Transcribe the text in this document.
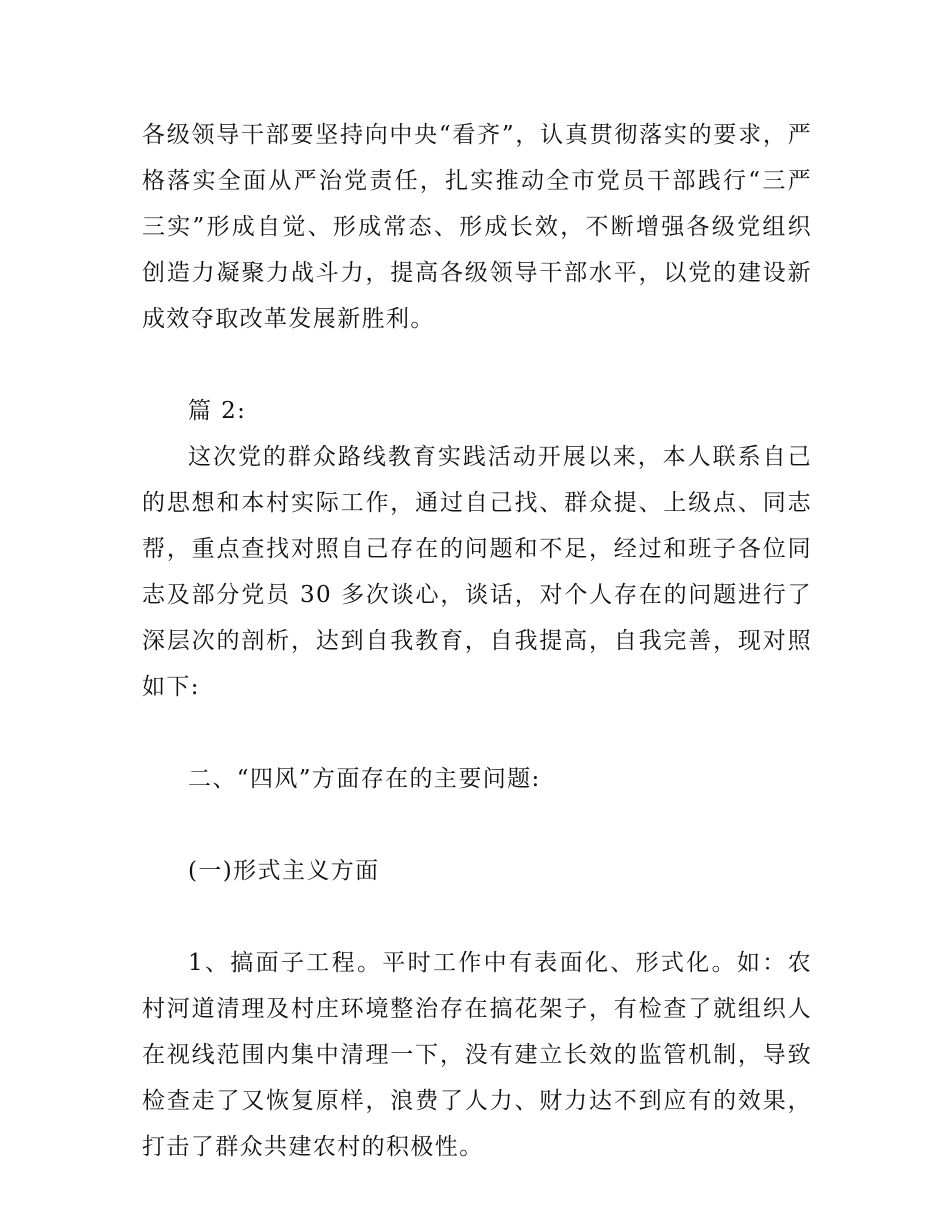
各级领导干部要坚持向中央“看齐”，认真贯彻落实的要求，严格落实全面从严治党责任，扎实推动全市党员干部践行“三严三实”形成自觉、形成常态、形成长效，不断增强各级党组织创造力凝聚力战斗力，提高各级领导干部水平，以党的建设新成效夺取改革发展新胜利。

篇 2:

这次党的群众路线教育实践活动开展以来，本人联系自己的思想和本村实际工作，通过自己找、群众提、上级点、同志帮，重点查找对照自己存在的问题和不足，经过和班子各位同志及部分党员 30 多次谈心，谈话，对个人存在的问题进行了深层次的剖析，达到自我教育，自我提高，自我完善，现对照如下:

二、“四风”方面存在的主要问题:

(一)形式主义方面

1、搞面子工程。平时工作中有表面化、形式化。如：农村河道清理及村庄环境整治存在搞花架子，有检查了就组织人在视线范围内集中清理一下，没有建立长效的监管机制，导致检查走了又恢复原样，浪费了人力、财力达不到应有的效果，打击了群众共建农村的积极性。
